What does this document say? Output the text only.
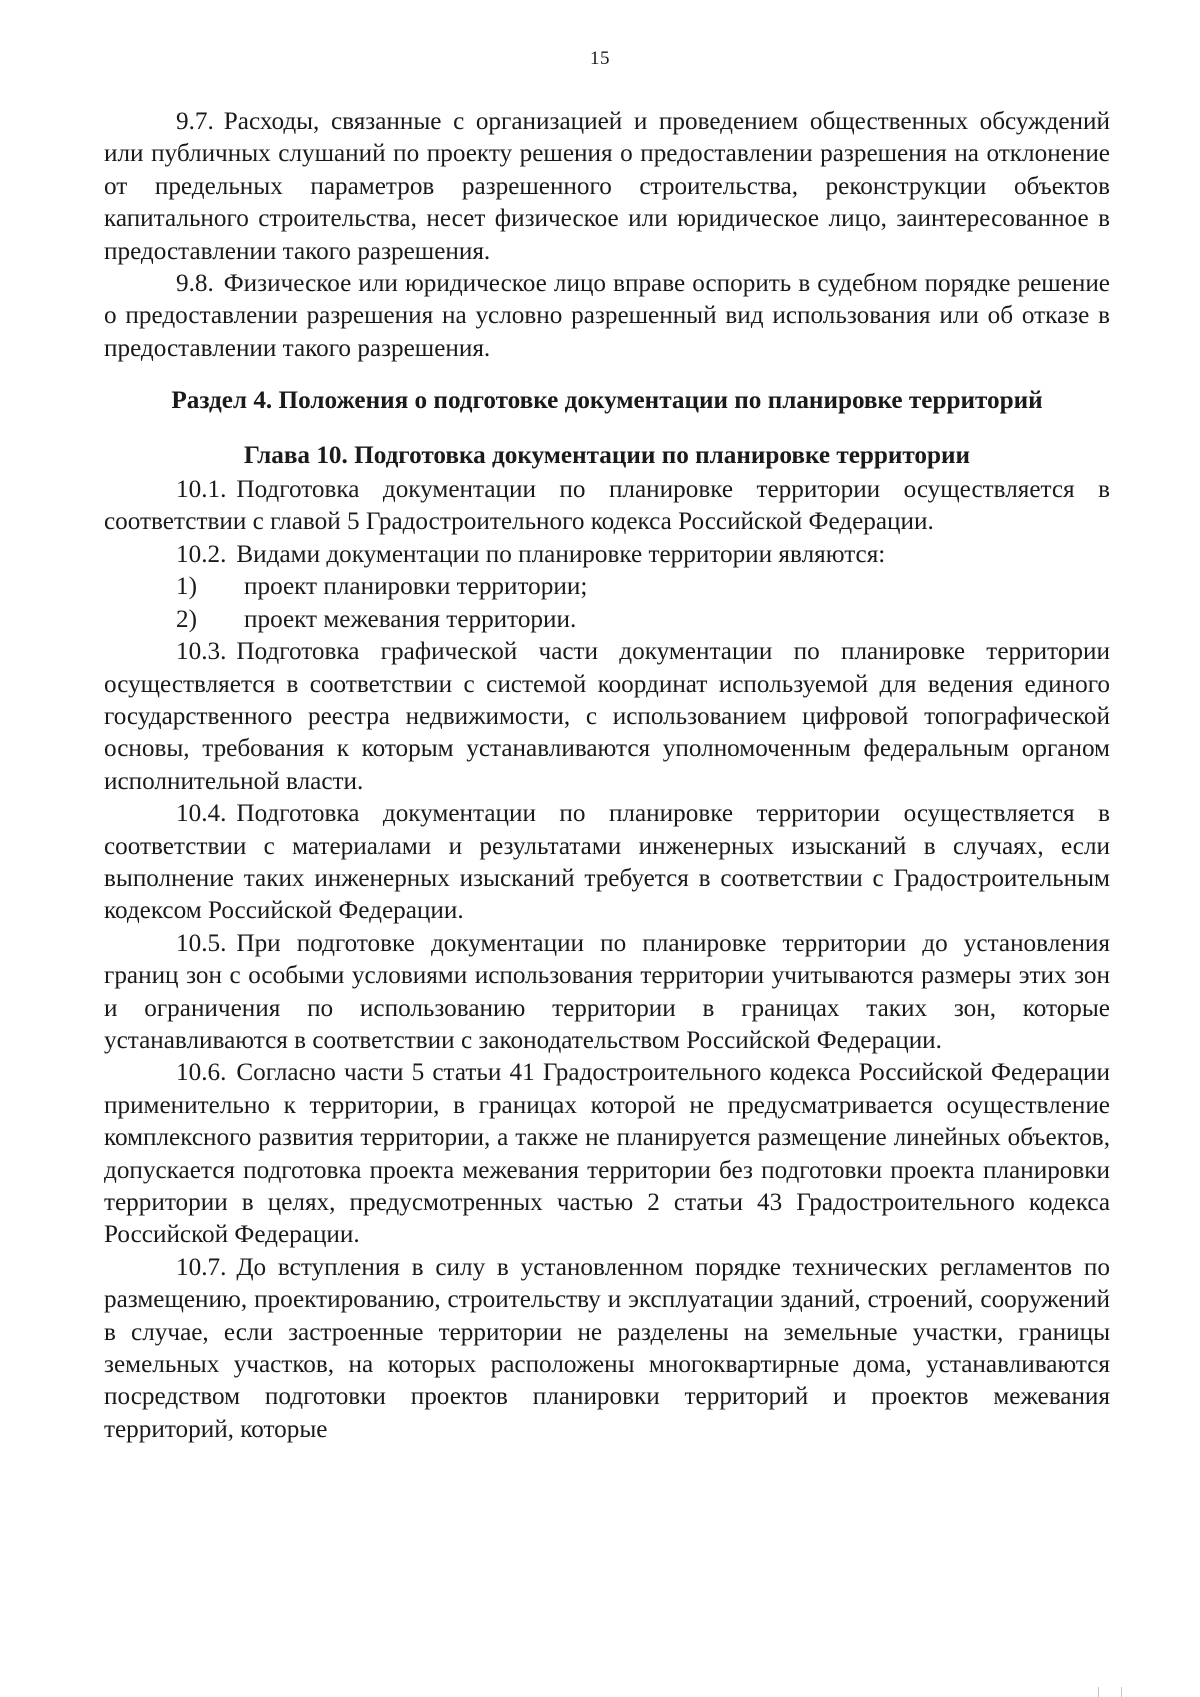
15

9.7. Расходы, связанные с организацией и проведением общественных обсуждений или публичных слушаний по проекту решения о предоставлении разрешения на отклонение от предельных параметров разрешенного строительства, реконструкции объектов капитального строительства, несет физическое или юридическое лицо, заинтересованное в предоставлении такого разрешения.

9.8. Физическое или юридическое лицо вправе оспорить в судебном порядке решение о предоставлении разрешения на условно разрешенный вид использования или об отказе в предоставлении такого разрешения.

Раздел 4. Положения о подготовке документации по планировке территорий
Глава 10. Подготовка документации по планировке территории

10.1. Подготовка документации по планировке территории осуществляется в соответствии с главой 5 Градостроительного кодекса Российской Федерации.

10.2. Видами документации по планировке территории являются:

1)	проект планировки территории;
2)	проект межевания территории.

10.3. Подготовка графической части документации по планировке территории осуществляется в соответствии с системой координат используемой для ведения единого государственного реестра недвижимости, с использованием цифровой топографической основы, требования к которым устанавливаются уполномоченным федеральным органом исполнительной власти.

10.4. Подготовка документации по планировке территории осуществляется в соответствии с материалами и результатами инженерных изысканий в случаях, если выполнение таких инженерных изысканий требуется в соответствии с Градостроительным кодексом Российской Федерации.

10.5. При подготовке документации по планировке территории до установления границ зон с особыми условиями использования территории учитываются размеры этих зон и ограничения по использованию территории в границах таких зон, которые устанавливаются в соответствии с законодательством Российской Федерации.

10.6. Согласно части 5 статьи 41 Градостроительного кодекса Российской Федерации применительно к территории, в границах которой не предусматривается осуществление комплексного развития территории, а также не планируется размещение линейных объектов, допускается подготовка проекта межевания территории без подготовки проекта планировки территории в целях, предусмотренных частью 2 статьи 43 Градостроительного кодекса Российской Федерации.

10.7. До вступления в силу в установленном порядке технических регламентов по размещению, проектированию, строительству и эксплуатации зданий, строений, сооружений в случае, если застроенные территории не разделены на земельные участки, границы земельных участков, на которых расположены многоквартирные дома, устанавливаются посредством подготовки проектов планировки территорий и проектов межевания территорий, которые
